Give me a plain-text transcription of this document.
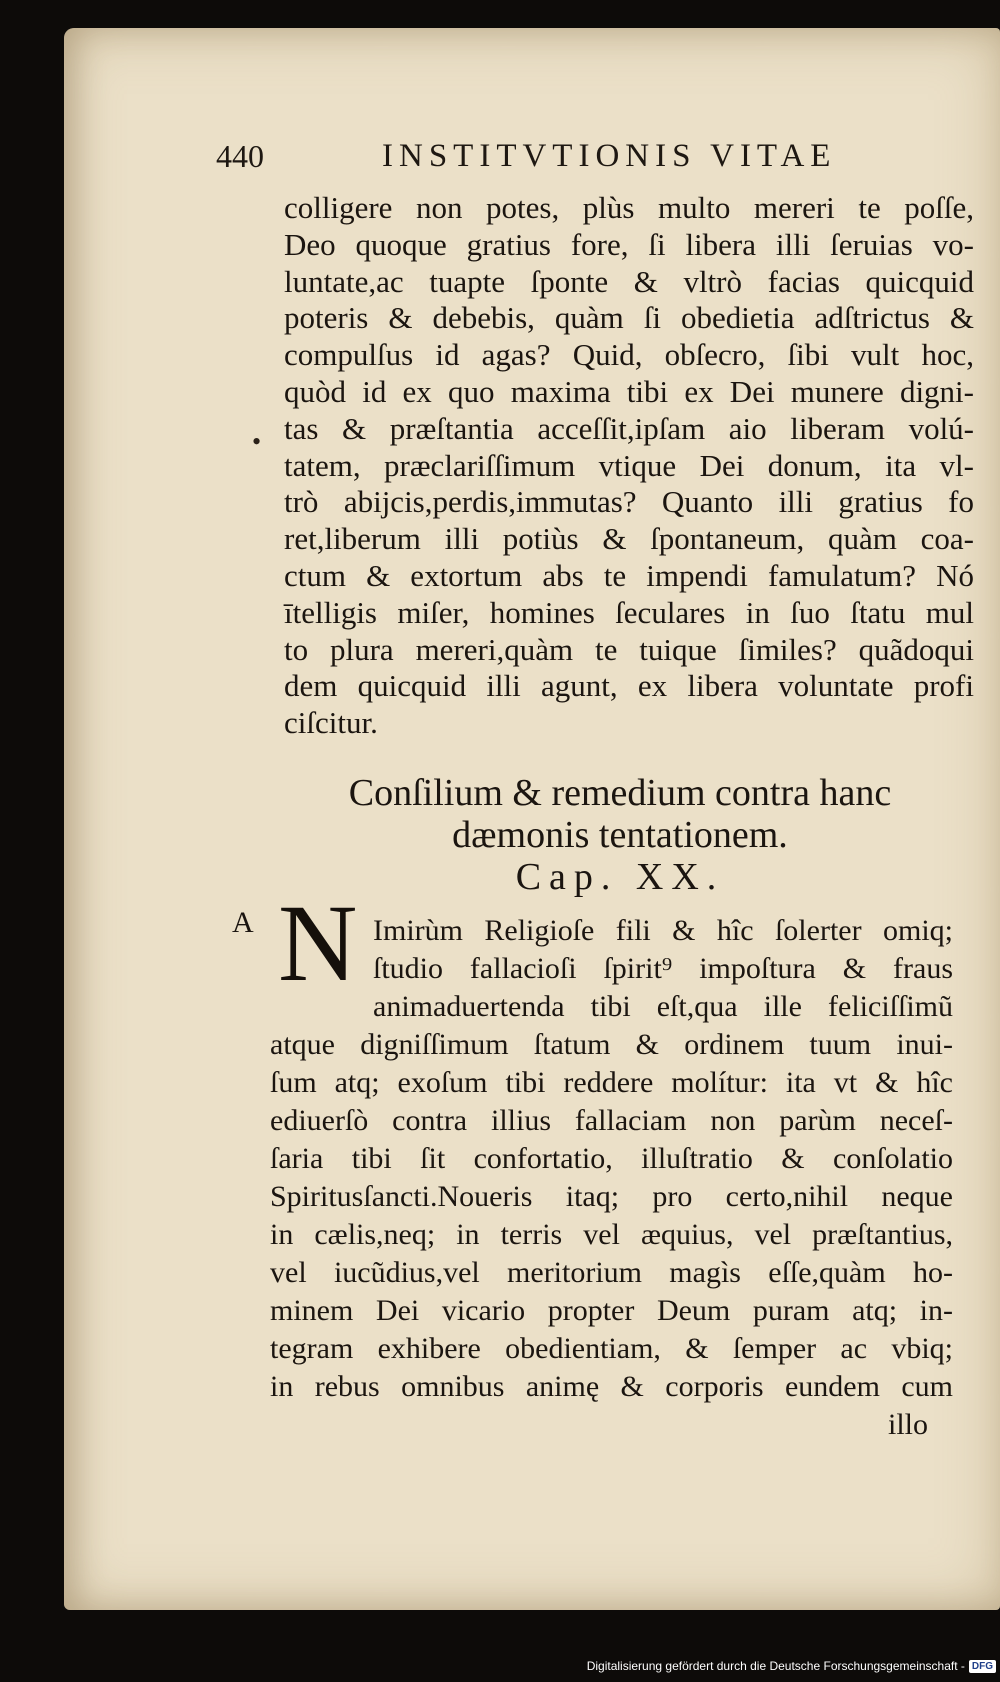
440	INSTITVTIONIS VITAE
•
colligere non potes, plùs multo mereri te poſſe,
Deo quoque gratius fore, ſi libera illi ſeruias vo-
luntate,ac tuapte ſponte & vltrò facias quicquid
poteris & debebis, quàm ſi obedietia adſtrictus &
compulſus id agas? Quid, obſecro, ſibi vult hoc,
quòd id ex quo maxima tibi ex Dei munere digni-
tas & præſtantia acceſſit,ipſam aio liberam volú-
tatem, præclariſſimum vtique Dei donum, ita vl-
trò abijcis,perdis,immutas? Quanto illi gratius fo
ret,liberum illi potiùs & ſpontaneum, quàm coa-
ctum & extortum abs te impendi famulatum? Nó
ītelligis miſer, homines ſeculares in ſuo ſtatu mul
to plura mereri,quàm te tuique ſimiles? quãdoqui
dem quicquid illi agunt, ex libera voluntate profi
ciſcitur.
Conſilium & remedium contra hanc
dæmonis tentationem.
Cap. XX.
A N Imirùm Religioſe fili & hîc ſolerter omiq;
ſtudio fallacioſi ſpirit⁹ impoſtura & fraus
animaduertenda tibi eſt,qua ille feliciſſimũ
atque digniſſimum ſtatum & ordinem tuum inui-
ſum atq; exoſum tibi reddere molítur: ita vt & hîc
ediuerſò contra illius fallaciam non parùm neceſ-
ſaria tibi ſit confortatio, illuſtratio & conſolatio
Spiritusſancti.Noueris itaq; pro certo,nihil neque
in cælis,neq; in terris vel æquius, vel præſtantius,
vel iucũdius,vel meritorium magìs eſſe,quàm ho-
minem Dei vicario propter Deum puram atq; in-
tegram exhibere obedientiam, & ſemper ac vbiq;
in rebus omnibus animę & corporis eundem cum
illo
Digitalisierung gefördert durch die Deutsche Forschungsgemeinschaft - DFG
